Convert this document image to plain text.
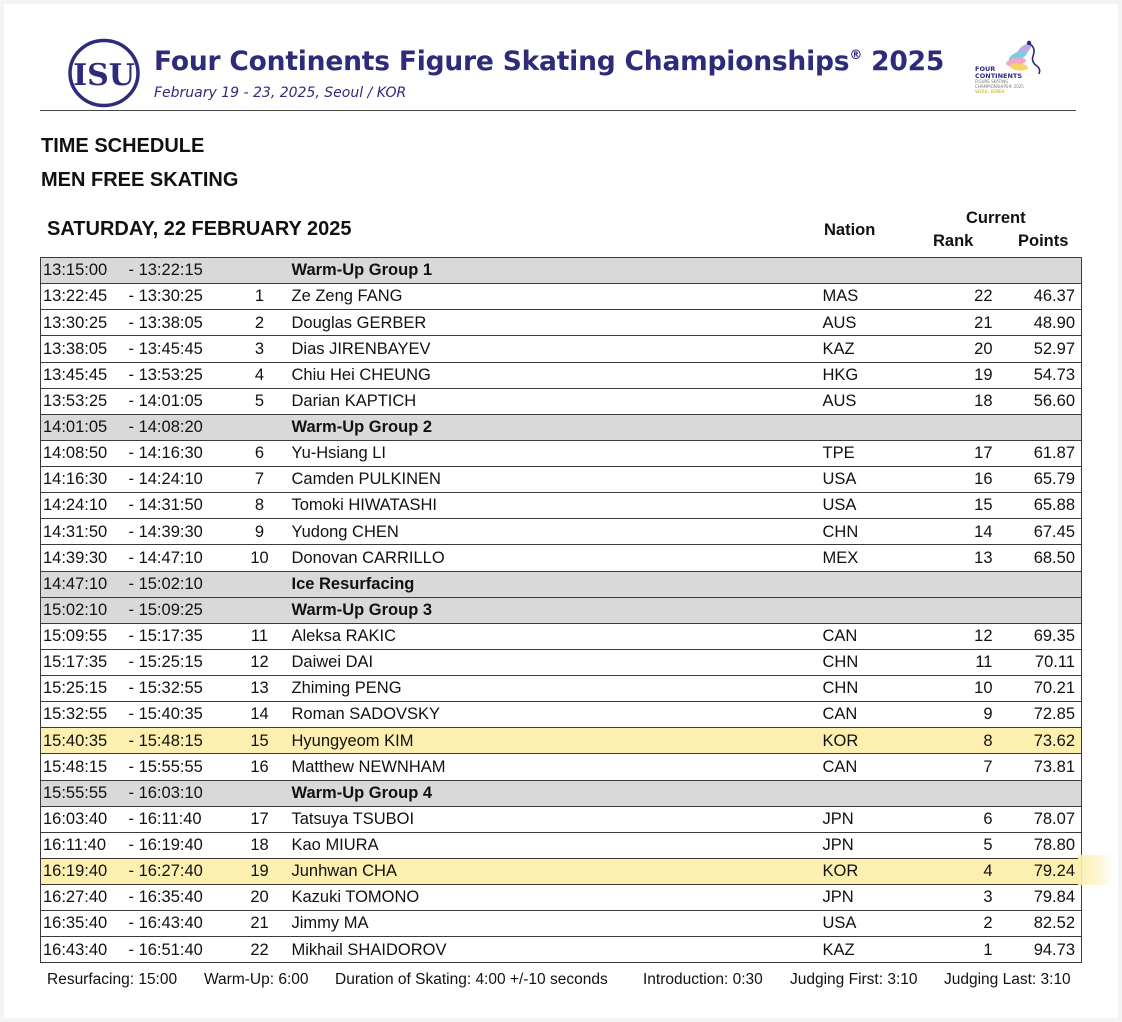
ISU Four Continents Figure Skating Championships® 2025
February 19 - 23, 2025, Seoul / KOR
FOUR
CONTINENTS
FIGURE SKATING
CHAMPIONSHIPS® 2025
SEOUL, KOREA
TIME SCHEDULE
MEN FREE SKATING
SATURDAY, 22 FEBRUARY 2025	Nation
Current
Rank	Points
13:15:00	- 13:22:15		Warm-Up Group 1			
13:22:45	- 13:30:25	1	Ze Zeng FANG	MAS	22	46.37
13:30:25	- 13:38:05	2	Douglas GERBER	AUS	21	48.90
13:38:05	- 13:45:45	3	Dias JIRENBAYEV	KAZ	20	52.97
13:45:45	- 13:53:25	4	Chiu Hei CHEUNG	HKG	19	54.73
13:53:25	- 14:01:05	5	Darian KAPTICH	AUS	18	56.60
14:01:05	- 14:08:20		Warm-Up Group 2			
14:08:50	- 14:16:30	6	Yu-Hsiang LI	TPE	17	61.87
14:16:30	- 14:24:10	7	Camden PULKINEN	USA	16	65.79
14:24:10	- 14:31:50	8	Tomoki HIWATASHI	USA	15	65.88
14:31:50	- 14:39:30	9	Yudong CHEN	CHN	14	67.45
14:39:30	- 14:47:10	10	Donovan CARRILLO	MEX	13	68.50
14:47:10	- 15:02:10		Ice Resurfacing			
15:02:10	- 15:09:25		Warm-Up Group 3			
15:09:55	- 15:17:35	11	Aleksa RAKIC	CAN	12	69.35
15:17:35	- 15:25:15	12	Daiwei DAI	CHN	11	70.11
15:25:15	- 15:32:55	13	Zhiming PENG	CHN	10	70.21
15:32:55	- 15:40:35	14	Roman SADOVSKY	CAN	9	72.85
15:40:35	- 15:48:15	15	Hyungyeom KIM	KOR	8	73.62
15:48:15	- 15:55:55	16	Matthew NEWNHAM	CAN	7	73.81
15:55:55	- 16:03:10		Warm-Up Group 4			
16:03:40	- 16:11:40	17	Tatsuya TSUBOI	JPN	6	78.07
16:11:40	- 16:19:40	18	Kao MIURA	JPN	5	78.80
16:19:40	- 16:27:40	19	Junhwan CHA	KOR	4	79.24
16:27:40	- 16:35:40	20	Kazuki TOMONO	JPN	3	79.84
16:35:40	- 16:43:40	21	Jimmy MA	USA	2	82.52
16:43:40	- 16:51:40	22	Mikhail SHAIDOROV	KAZ	1	94.73
Resurfacing: 15:00 Warm-Up: 6:00 Duration of Skating: 4:00 +/-10 seconds Introduction: 0:30 Judging First: 3:10 Judging Last: 3:10
